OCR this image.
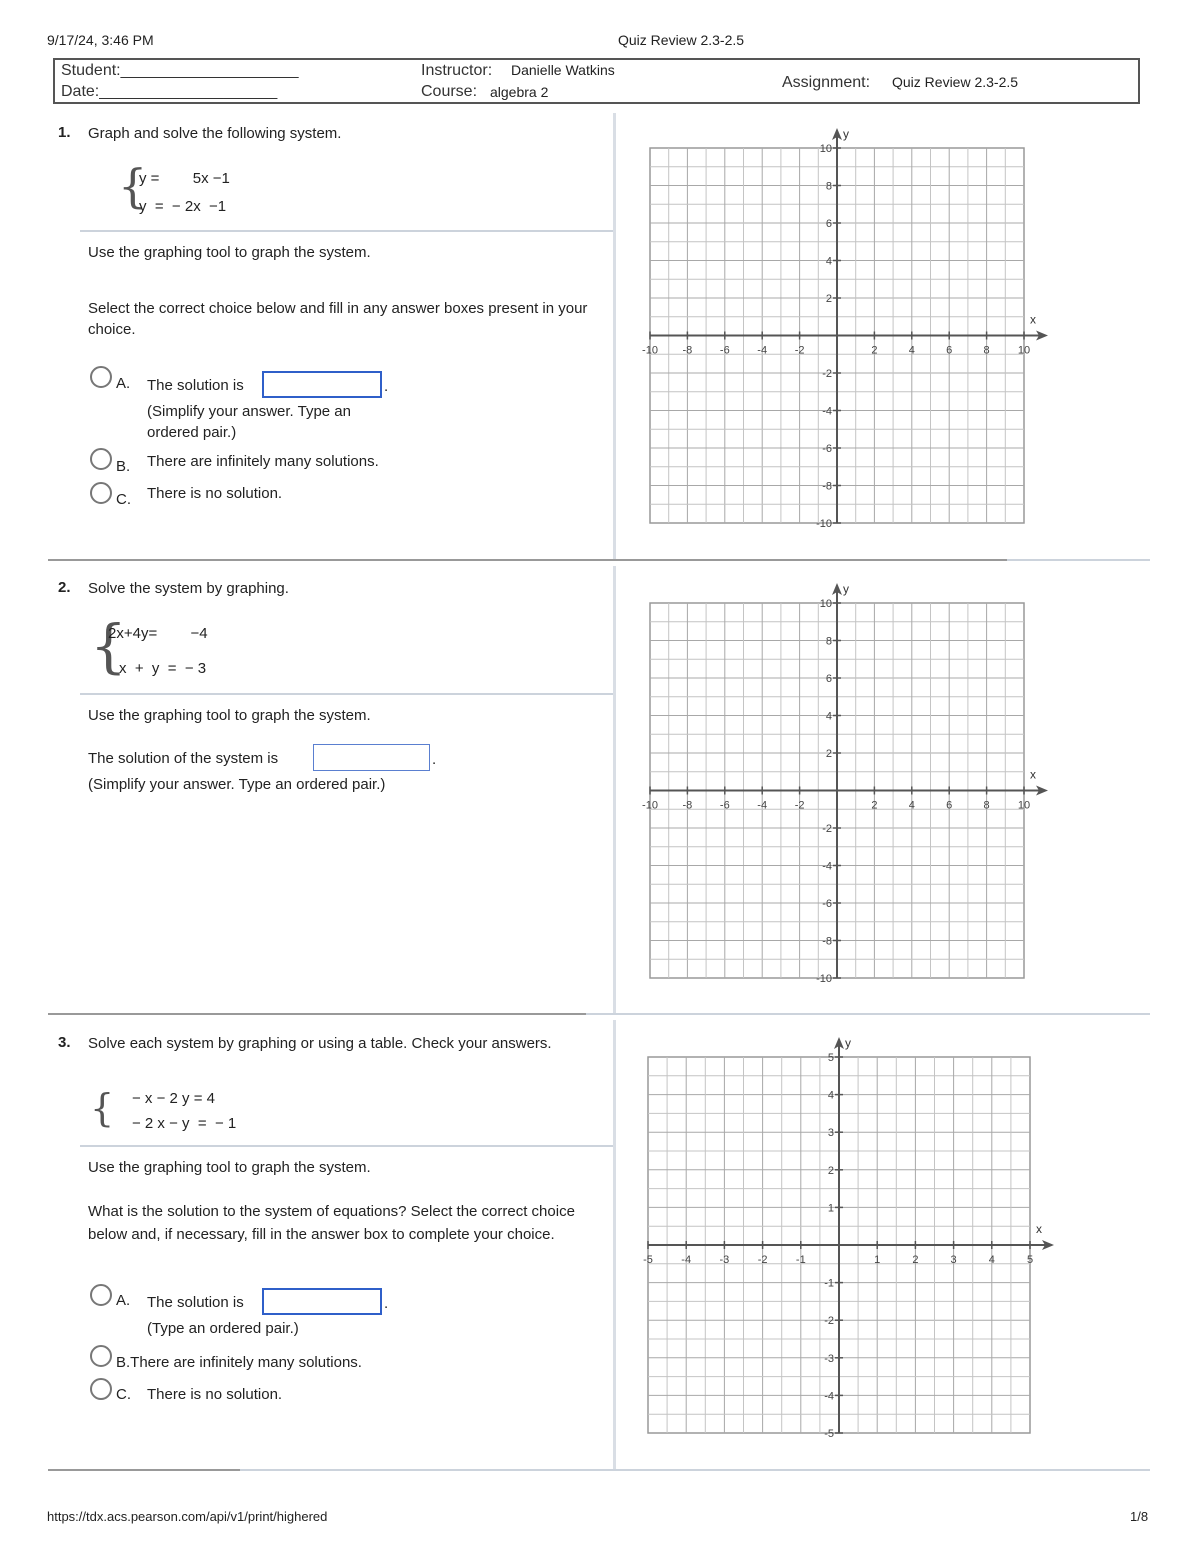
9/17/24, 3:46 PM	Quiz Review 2.3-2.5
Student:____________________
Date:____________________
Instructor: Danielle Watkins
Course: algebra 2
Assignment: Quiz Review 2.3-2.5
1. Graph and solve the following system.
{
y =        5x −1
y  =  − 2x  −1
Use the graphing tool to graph the system.
Select the correct choice below and fill in any answer boxes present in your choice.
A. The solution is	.
(Simplify your answer. Type an ordered pair.)
B. There are infinitely many solutions.
C. There is no solution.
2. Solve the system by graphing.
{
2x+4y=        −4
x  +  y  =  − 3
Use the graphing tool to graph the system.
The solution of the system is	.
(Simplify your answer. Type an ordered pair.)
3. Solve each system by graphing or using a table. Check your answers.
{ − x − 2 y = 4
− 2 x − y  =  − 1
Use the graphing tool to graph the system.
What is the solution to the system of equations? Select the correct choice below and, if necessary, fill in the answer box to complete your choice.
A. The solution is	.
(Type an ordered pair.)
B.There are infinitely many solutions.
C. There is no solution.
x
y
-10 -8	-6	-4	-2	2	4	6	8	10
10
8
6
4
2
-2
-4
-6
-8
-10
x
y
-10 -8	-6	-4	-2	2	4	6	8	10
10
8
6
4
2
-2
-4
-6
-8
-10
x
y
-5	-4	-3	-2	-1	1	2	3	4	5
5
4
3
2
1
-1
-2
-3
-4
-5
https://tdx.acs.pearson.com/api/v1/print/highered	1/8
